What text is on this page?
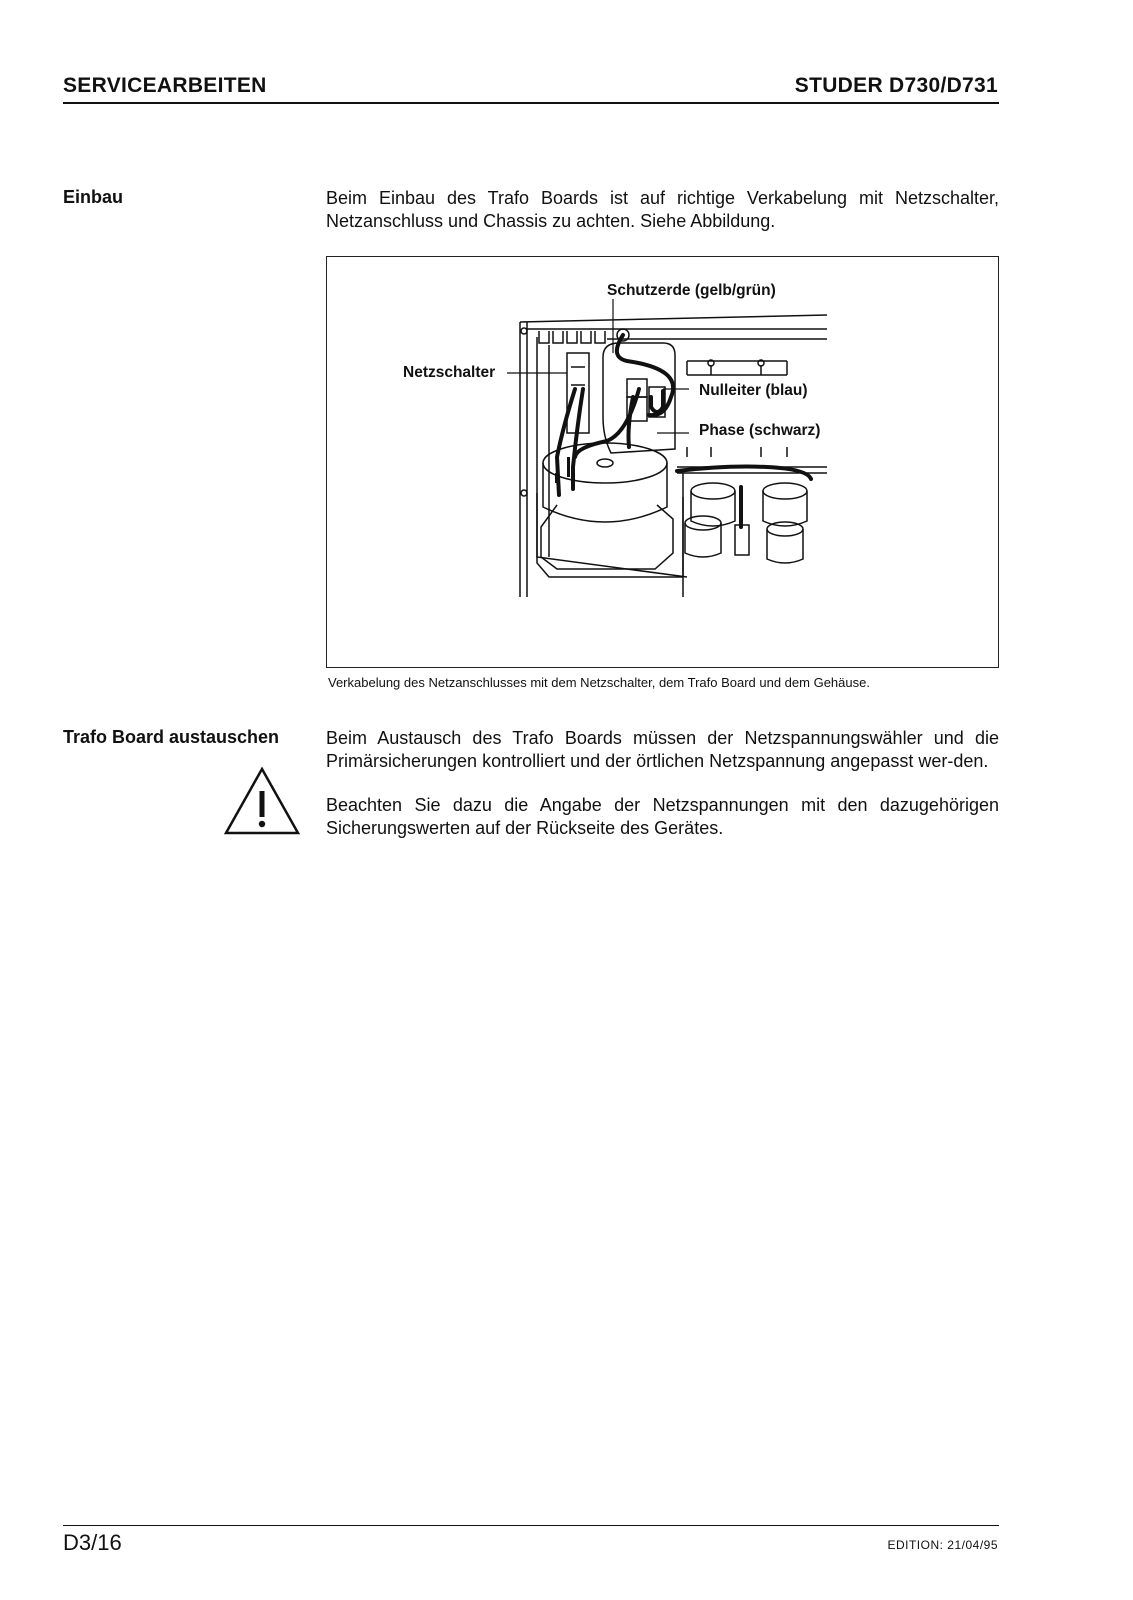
SERVICEARBEITEN	STUDER D730/D731
Einbau	Beim Einbau des Trafo Boards ist auf richtige Verkabelung mit Netzschalter, Netzanschluss und Chassis zu achten. Siehe Abbildung.
Schutzerde (gelb/grün)
Netzschalter
Nulleiter (blau)
Phase (schwarz)
Verkabelung des Netzanschlusses mit dem Netzschalter, dem Trafo Board und dem Gehäuse.
Trafo Board austauschen	Beim Austausch des Trafo Boards müssen der Netzspannungswähler und die Primärsicherungen kontrolliert und der örtlichen Netzspannung angepasst wer-den.
Beachten Sie dazu die Angabe der Netzspannungen mit den dazugehörigen Sicherungswerten auf der Rückseite des Gerätes.
D3/16	EDITION: 21/04/95
